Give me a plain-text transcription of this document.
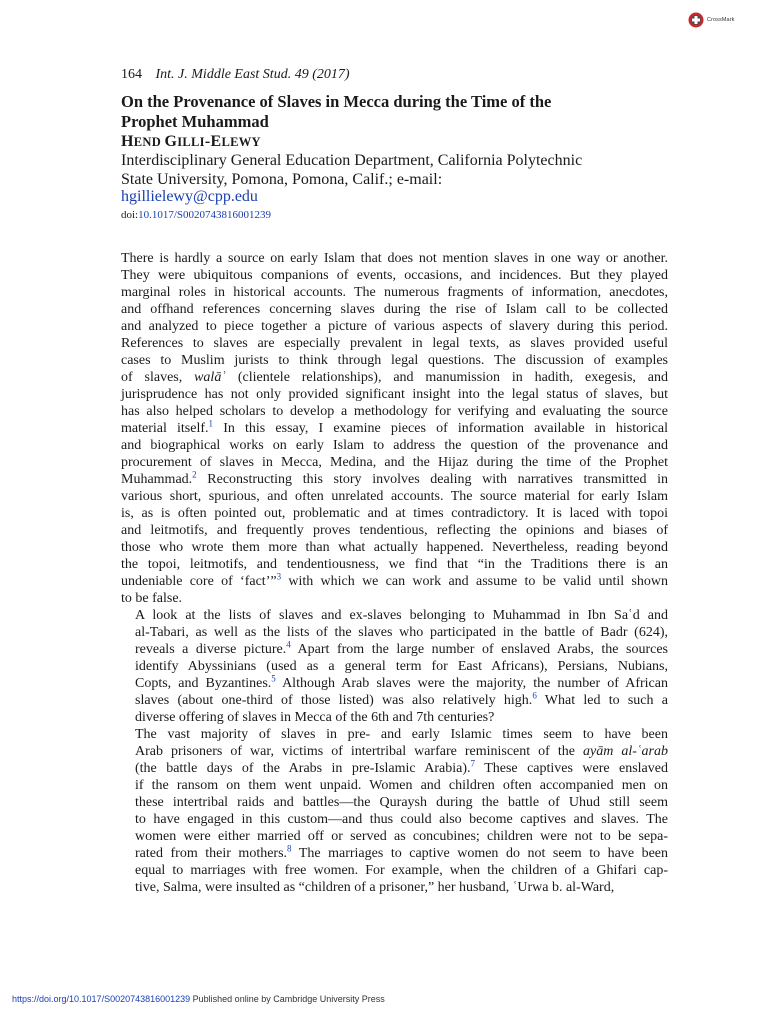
CrossMark
164 Int. J. Middle East Stud. 49 (2017)
On the Provenance of Slaves in Mecca during the Time of the
Prophet Muhammad
HEND GILLI-ELEWY
Interdisciplinary General Education Department, California Polytechnic
State University, Pomona, Pomona, Calif.; e-mail:
hgillielewy@cpp.edu
doi:10.1017/S0020743816001239

There is hardly a source on early Islam that does not mention slaves in one way or another.
They were ubiquitous companions of events, occasions, and incidences. But they played
marginal roles in historical accounts. The numerous fragments of information, anecdotes,
and offhand references concerning slaves during the rise of Islam call to be collected
and analyzed to piece together a picture of various aspects of slavery during this period.
References to slaves are especially prevalent in legal texts, as slaves provided useful
cases to Muslim jurists to think through legal questions. The discussion of examples
of slaves, walāʾ (clientele relationships), and manumission in hadith, exegesis, and
jurisprudence has not only provided significant insight into the legal status of slaves, but
has also helped scholars to develop a methodology for verifying and evaluating the source
material itself.$^1$ In this essay, I examine pieces of information available in historical
and biographical works on early Islam to address the question of the provenance and
procurement of slaves in Mecca, Medina, and the Hijaz during the time of the Prophet
Muhammad.$^2$ Reconstructing this story involves dealing with narratives transmitted in
various short, spurious, and often unrelated accounts. The source material for early Islam
is, as is often pointed out, problematic and at times contradictory. It is laced with topoi
and leitmotifs, and frequently proves tendentious, reflecting the opinions and biases of
those who wrote them more than what actually happened. Nevertheless, reading beyond
the topoi, leitmotifs, and tendentiousness, we find that “in the Traditions there is an
undeniable core of ‘fact’”$^3$ with which we can work and assume to be valid until shown
to be false.

A look at the lists of slaves and ex-slaves belonging to Muhammad in Ibn Saʿd and
al-Tabari, as well as the lists of the slaves who participated in the battle of Badr (624),
reveals a diverse picture.$^4$ Apart from the large number of enslaved Arabs, the sources
identify Abyssinians (used as a general term for East Africans), Persians, Nubians,
Copts, and Byzantines.$^5$ Although Arab slaves were the majority, the number of African
slaves (about one-third of those listed) was also relatively high.$^6$ What led to such a
diverse offering of slaves in Mecca of the 6th and 7th centuries?

The vast majority of slaves in pre- and early Islamic times seem to have been
Arab prisoners of war, victims of intertribal warfare reminiscent of the ayām al-ʿarab
(the battle days of the Arabs in pre-Islamic Arabia).$^7$ These captives were enslaved
if the ransom on them went unpaid. Women and children often accompanied men on
these intertribal raids and battles—the Quraysh during the battle of Uhud still seem
to have engaged in this custom—and thus could also become captives and slaves. The
women were either married off or served as concubines; children were not to be sepa-
rated from their mothers.$^8$ The marriages to captive women do not seem to have been
equal to marriages with free women. For example, when the children of a Ghifari cap-
tive, Salma, were insulted as “children of a prisoner,” her husband, ʿUrwa b. al-Ward,

https://doi.org/10.1017/S0020743816001239 Published online by Cambridge University Press
